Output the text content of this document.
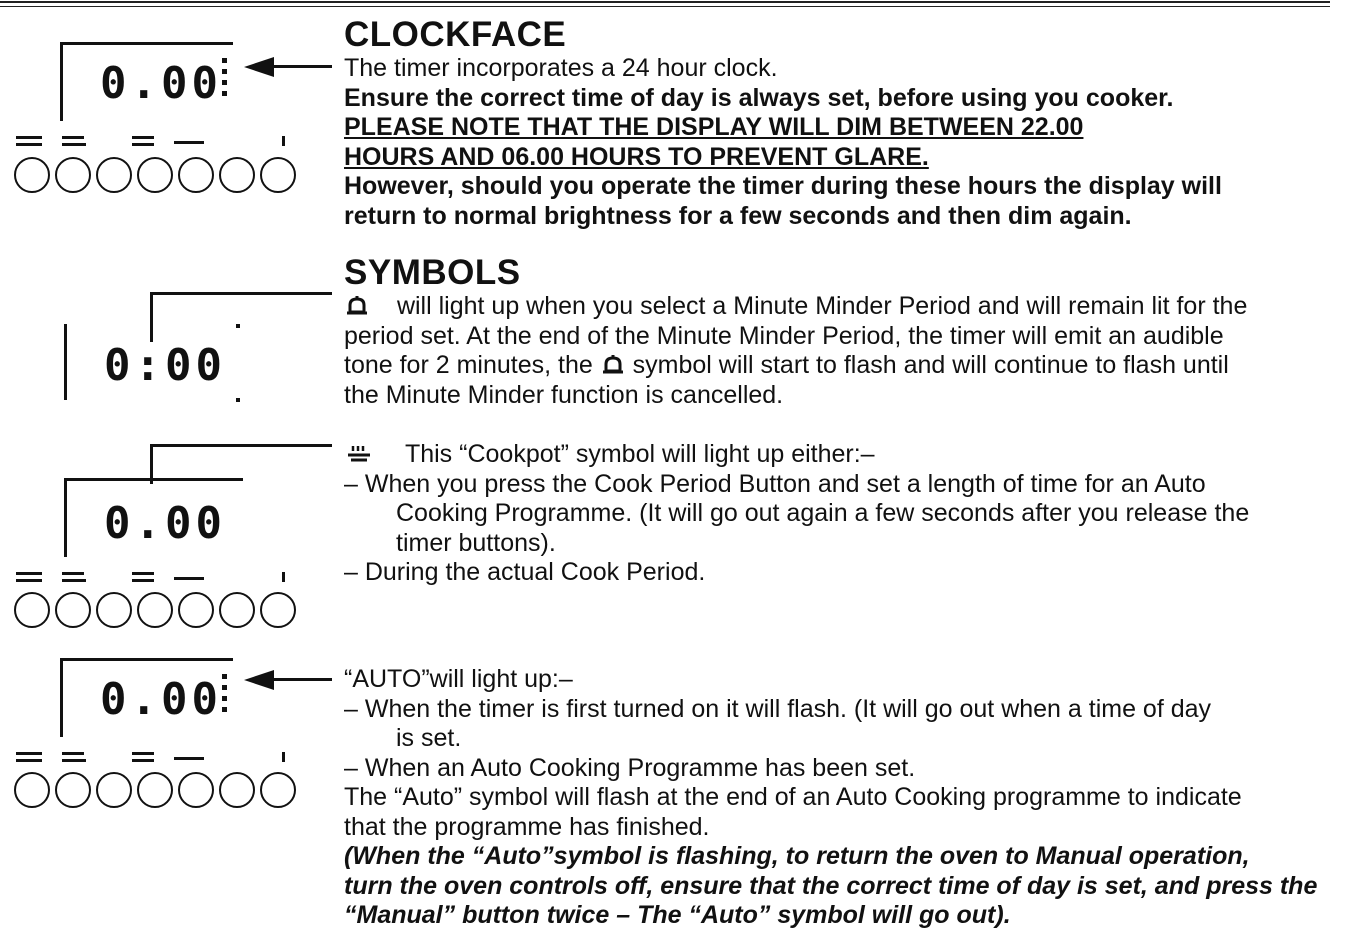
0.00
0:00
0.00
0.00
CLOCKFACE
The timer incorporates a 24 hour clock.
Ensure the correct time of day is always set, before using you cooker.
PLEASE NOTE THAT THE DISPLAY WILL DIM BETWEEN 22.00
HOURS AND 06.00 HOURS TO PREVENT GLARE.
However, should you operate the timer during these hours the display will
return to normal brightness for a few seconds and then dim again.
SYMBOLS
will light up when you select a Minute Minder Period and will remain lit for the
period set. At the end of the Minute Minder Period, the timer will emit an audible
tone for 2 minutes, the symbol will start to flash and will continue to flash until
the Minute Minder function is cancelled.
This “Cookpot” symbol will light up either:–
– When you press the Cook Period Button and set a length of time for an Auto
Cooking Programme. (It will go out again a few seconds after you release the
timer buttons).
– During the actual Cook Period.
“AUTO”will light up:–
– When the timer is first turned on it will flash. (It will go out when a time of day
is set.
– When an Auto Cooking Programme has been set.
The “Auto” symbol will flash at the end of an Auto Cooking programme to indicate
that the programme has finished.
(When the “Auto”symbol is flashing, to return the oven to Manual operation,
turn the oven controls off, ensure that the correct time of day is set, and press the
“Manual” button twice – The “Auto” symbol will go out).
